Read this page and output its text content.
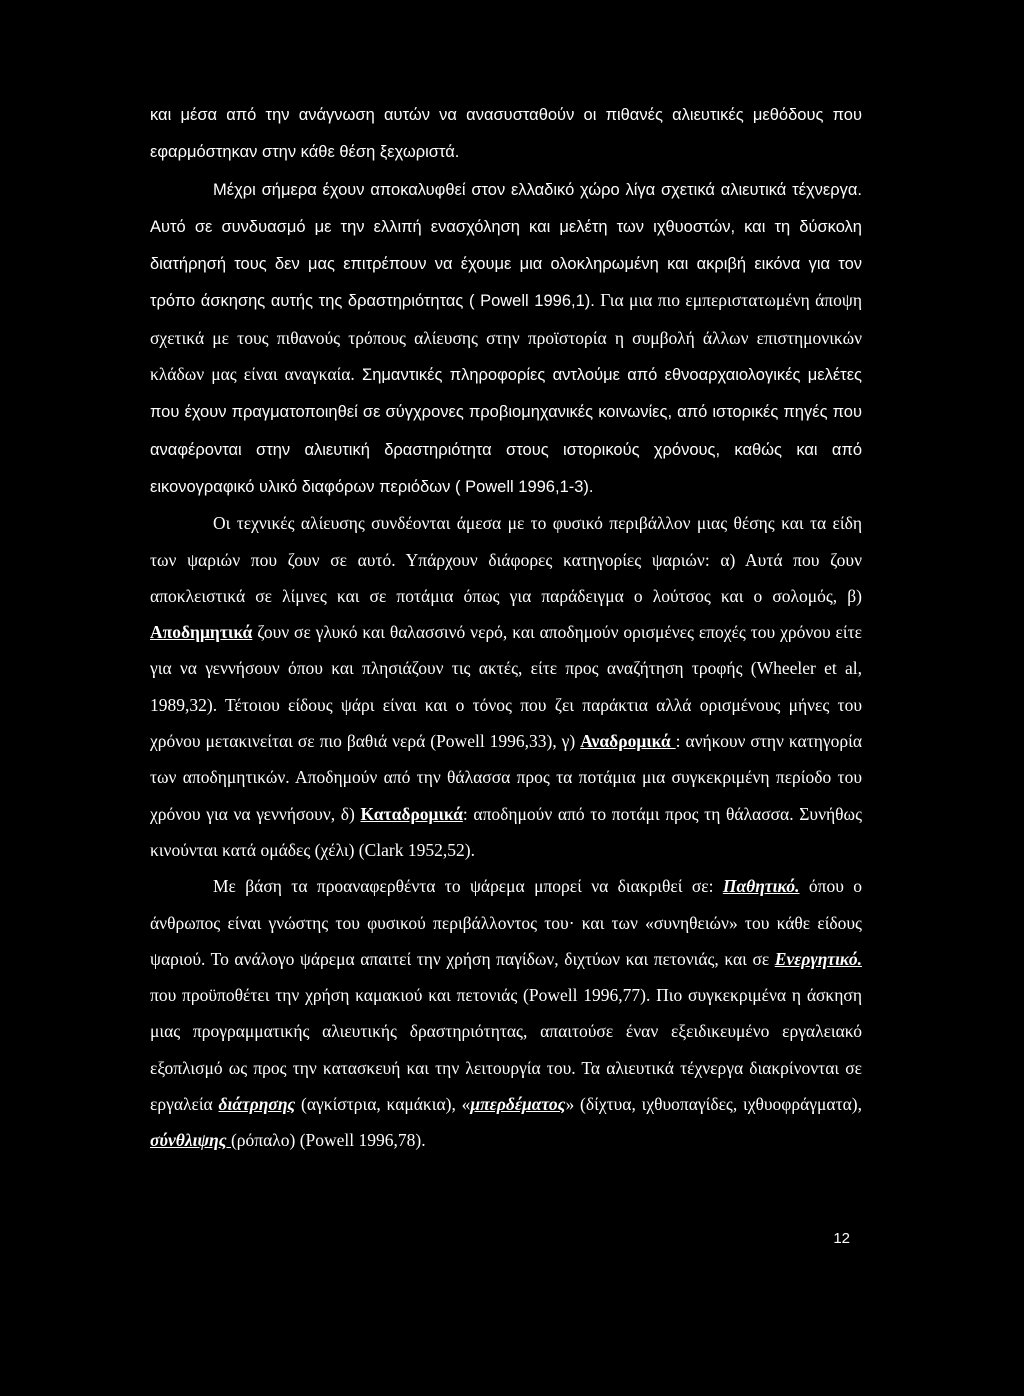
και μέσα από την ανάγνωση αυτών να ανασυσταθούν οι πιθανές αλιευτικές μεθόδους που εφαρμόστηκαν στην κάθε θέση ξεχωριστά.

Μέχρι σήμερα έχουν αποκαλυφθεί στον ελλαδικό χώρο λίγα σχετικά αλιευτικά τέχνεργα. Αυτό σε συνδυασμό με την ελλιπή ενασχόληση και μελέτη των ιχθυοστών, και τη δύσκολη διατήρησή τους δεν μας επιτρέπουν να έχουμε μια ολοκληρωμένη και ακριβή εικόνα για τον τρόπο άσκησης αυτής της δραστηριότητας ( Powell 1996,1). Για μια πιο εμπεριστατωμένη άποψη σχετικά με τους πιθανούς τρόπους αλίευσης στην προϊστορία η συμβολή άλλων επιστημονικών κλάδων μας είναι αναγκαία. Σημαντικές πληροφορίες αντλούμε από εθνοαρχαιολογικές μελέτες που έχουν πραγματοποιηθεί σε σύγχρονες προβιομηχανικές κοινωνίες, από ιστορικές πηγές που αναφέρονται στην αλιευτική δραστηριότητα στους ιστορικούς χρόνους, καθώς και από εικονογραφικό υλικό διαφόρων περιόδων ( Powell 1996,1-3).

Οι τεχνικές αλίευσης συνδέονται άμεσα με το φυσικό περιβάλλον μιας θέσης και τα είδη των ψαριών που ζουν σε αυτό. Υπάρχουν διάφορες κατηγορίες ψαριών: α) Αυτά που ζουν αποκλειστικά σε λίμνες και σε ποτάμια όπως για παράδειγμα ο λούτσος και ο σολομός, β) Αποδημητικά ζουν σε γλυκό και θαλασσινό νερό, και αποδημούν ορισμένες εποχές του χρόνου είτε για να γεννήσουν όπου και πλησιάζουν τις ακτές, είτε προς αναζήτηση τροφής (Wheeler et al, 1989,32). Τέτοιου είδους ψάρι είναι και ο τόνος που ζει παράκτια αλλά ορισμένους μήνες του χρόνου μετακινείται σε πιο βαθιά νερά (Powell 1996,33), γ) Αναδρομικά : ανήκουν στην κατηγορία των αποδημητικών. Αποδημούν από την θάλασσα προς τα ποτάμια μια συγκεκριμένη περίοδο του χρόνου για να γεννήσουν, δ) Καταδρομικά: αποδημούν από το ποτάμι προς τη θάλασσα. Συνήθως κινούνται κατά ομάδες (χέλι) (Clark 1952,52).

Με βάση τα προαναφερθέντα το ψάρεμα μπορεί να διακριθεί σε: Παθητικό. όπου ο άνθρωπος είναι γνώστης του φυσικού περιβάλλοντος του· και των «συνηθειών» του κάθε είδους ψαριού. Το ανάλογο ψάρεμα απαιτεί την χρήση παγίδων, διχτύων και πετονιάς, και σε Ενεργητικό. που προϋποθέτει την χρήση καμακιού και πετονιάς (Powell 1996,77). Πιο συγκεκριμένα η άσκηση μιας προγραμματικής αλιευτικής δραστηριότητας, απαιτούσε έναν εξειδικευμένο εργαλειακό εξοπλισμό ως προς την κατασκευή και την λειτουργία του. Τα αλιευτικά τέχνεργα διακρίνονται σε εργαλεία διάτρησης (αγκίστρια, καμάκια), «μπερδέματος» (δίχτυα, ιχθυοπαγίδες, ιχθυοφράγματα), σύνθλιψης (ρόπαλο) (Powell 1996,78).

12
